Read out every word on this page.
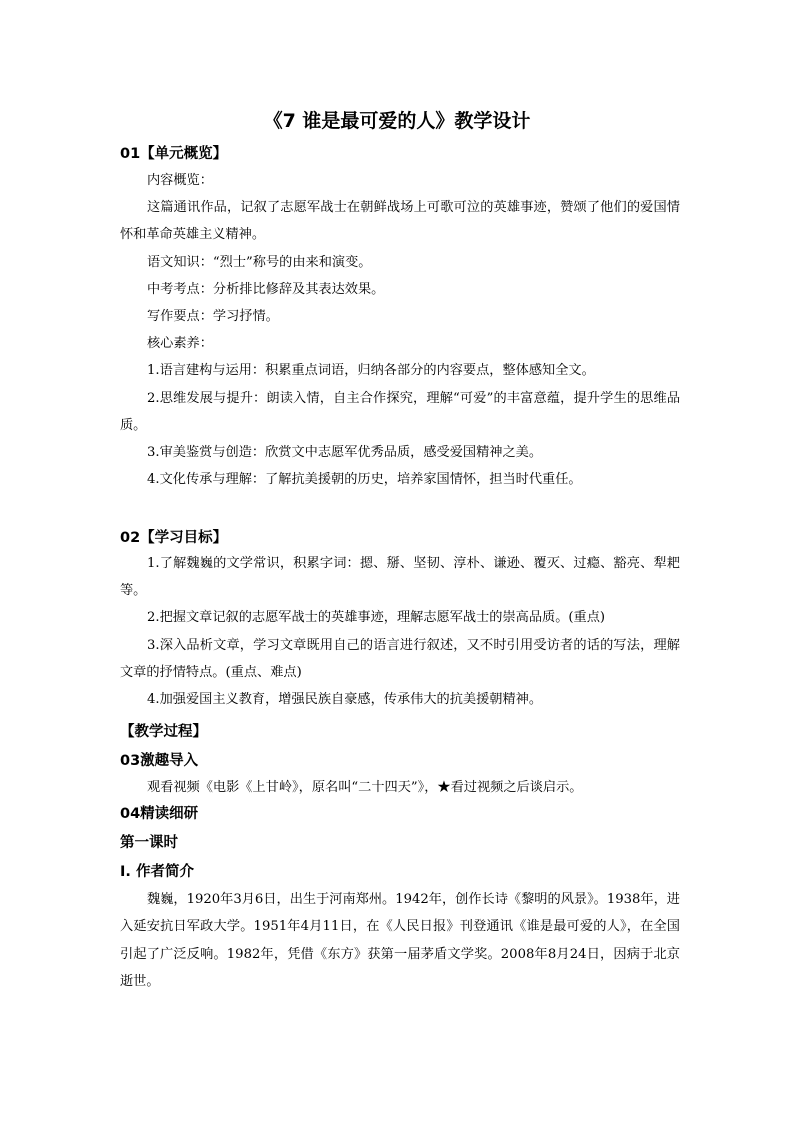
《7 谁是最可爱的人》教学设计
01【单元概览】
内容概览：
这篇通讯作品，记叙了志愿军战士在朝鲜战场上可歌可泣的英雄事迹，赞颂了他们的爱国情怀和革命英雄主义精神。
语文知识：“烈士”称号的由来和演变。
中考考点：分析排比修辞及其表达效果。
写作要点：学习抒情。
核心素养：
1.语言建构与运用：积累重点词语，归纳各部分的内容要点，整体感知全文。
2.思维发展与提升：朗读入情，自主合作探究，理解“可爱”的丰富意蕴，提升学生的思维品质。
3.审美鉴赏与创造：欣赏文中志愿军优秀品质，感受爱国精神之美。
4.文化传承与理解：了解抗美援朝的历史，培养家国情怀，担当时代重任。
02【学习目标】
1.了解魏巍的文学常识，积累字词：摁、掰、坚韧、淳朴、谦逊、覆灭、过瘾、豁亮、犁耙等。
2.把握文章记叙的志愿军战士的英雄事迹，理解志愿军战士的崇高品质。(重点)
3.深入品析文章，学习文章既用自己的语言进行叙述，又不时引用受访者的话的写法，理解文章的抒情特点。(重点、难点)
4.加强爱国主义教育，增强民族自豪感，传承伟大的抗美援朝精神。
【教学过程】
03激趣导入
观看视频《电影《上甘岭》，原名叫“二十四天”》，★看过视频之后谈启示。
04精读细研
第一课时
Ⅰ. 作者简介
魏巍，1920年3月6日，出生于河南郑州。1942年，创作长诗《黎明的风景》。1938年，进入延安抗日军政大学。1951年4月11日，在《人民日报》刊登通讯《谁是最可爱的人》，在全国引起了广泛反响。1982年，凭借《东方》获第一届茅盾文学奖。2008年8月24日，因病于北京逝世。
